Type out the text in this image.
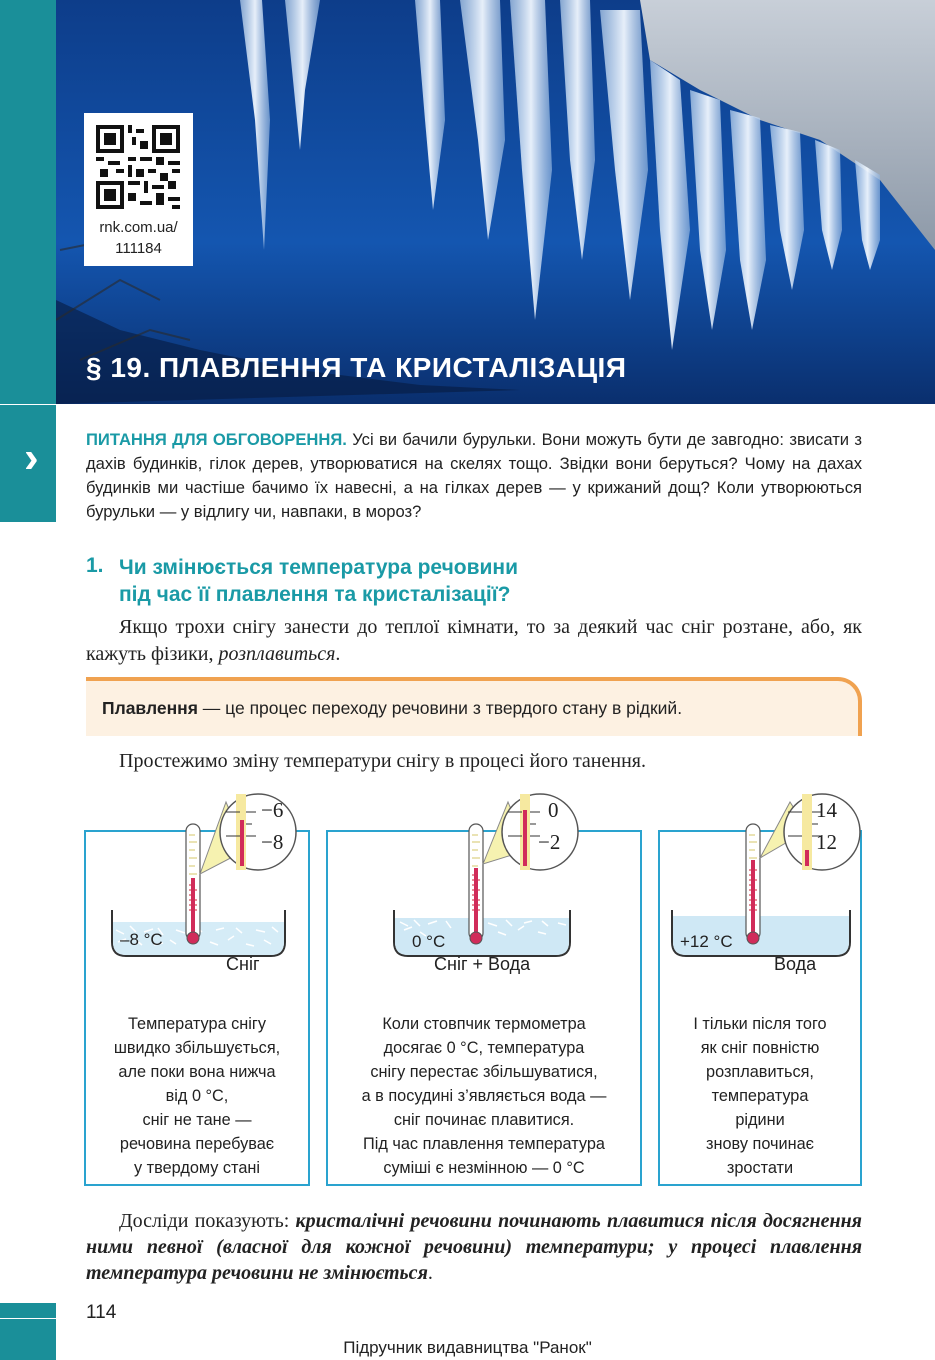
rnk.com.ua/
111184
§ 19. ПЛАВЛЕННЯ ТА КРИСТАЛІЗАЦІЯ
›	ПИТАННЯ ДЛЯ ОБГОВОРЕННЯ. Усі ви бачили бурульки. Вони можуть бути де завгодно: звисати з дахів будинків, гілок дерев, утворюватися на скелях тощо. Звідки вони беруться? Чому на дахах будинків ми частіше бачимо їх навесні, а на гілках дерев — у крижаний дощ? Коли утворюються бурульки — у відлигу чи, навпаки, в мороз?
1. Чи змінюється температура речовини
під час її плавлення та кристалізації?
Якщо трохи снігу занести до теплої кімнати, то за деякий час сніг розтане, або, як кажуть фізики, розплавиться.
Плавлення — це процес переходу речовини з твердого стану в рідкий.
Простежимо зміну температури снігу в процесі його танення.
−6
−8
–8 °C
Сніг
Температура снігу
швидко збільшується,
але поки вона нижча
від 0 °C,
сніг не тане —
речовина перебуває
у твердому стані
0
−2
0 °C
Сніг + Вода
Коли стовпчик термометра
досягає 0 °C, температура
снігу перестає збільшуватися,
а в посудині з’являється вода —
сніг починає плавитися.
Під час плавлення температура
суміші є незмінною — 0 °C
14
12
+12 °C
Вода
І тільки після того
як сніг повністю
розплавиться,
температура
рідини
знову починає
зростати
Досліди показують: кристалічні речовини починають плавитися після досягнення ними певної (власної для кожної речовини) температури; у процесі плавлення температура речовини не змінюється.
114
Підручник видавництва "Ранок"
